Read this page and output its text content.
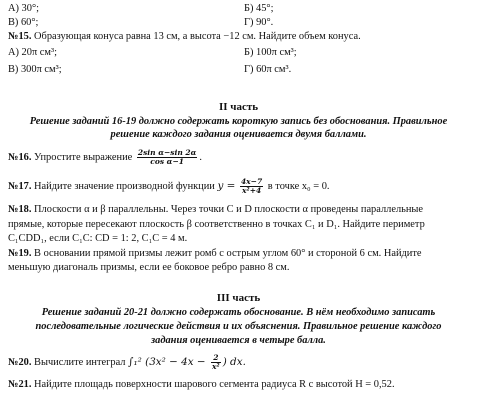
А) 30°;	Б) 45°;
В) 60°;	Г) 90°.
№15. Образующая конуса равна 13 см, а высота −12 см. Найдите объем конуса.
А) 20π см³;	Б) 100π см³;
В) 300π см³;	Г) 60π см³.
II часть
Решение заданий 16-19 должно содержать короткую запись без обоснования. Правильное
решение каждого задания оценивается двумя баллами.
№16. Упростите выражение $\frac{\text{2sin α−sin 2α}}{\text{cos α−1}}$ .
№17. Найдите значение производной функции $y = \frac{4x-7}{\text{x²+4}}$ в точке x₀ = 0.
№18. Плоскости α и β параллельны. Через точки C и D плоскости α проведены параллельные
прямые, которые пересекают плоскость β соответственно в точках C₁ и D₁. Найдите периметр
C₁CDD₁, если C₁C: CD = 1: 2, C₁C = 4 м.
№19. В основании прямой призмы лежит ромб с острым углом 60° и стороной 6 см. Найдите
меньшую диагональ призмы, если ее боковое ребро равно 8 см.
III часть
Решение заданий 20-21 должно содержать обоснование. В нём необходимо записать
последовательные логические действия и их объяснения. Правильное решение каждого
задания оценивается в четыре балла.
№20. Вычислите интеграл ∫₁² ($3x^2 - 4x - \frac{2}{\text{x²}}$ ) dx.
№21. Найдите площадь поверхности шарового сегмента радиуса R с высотой H = 0,52.
